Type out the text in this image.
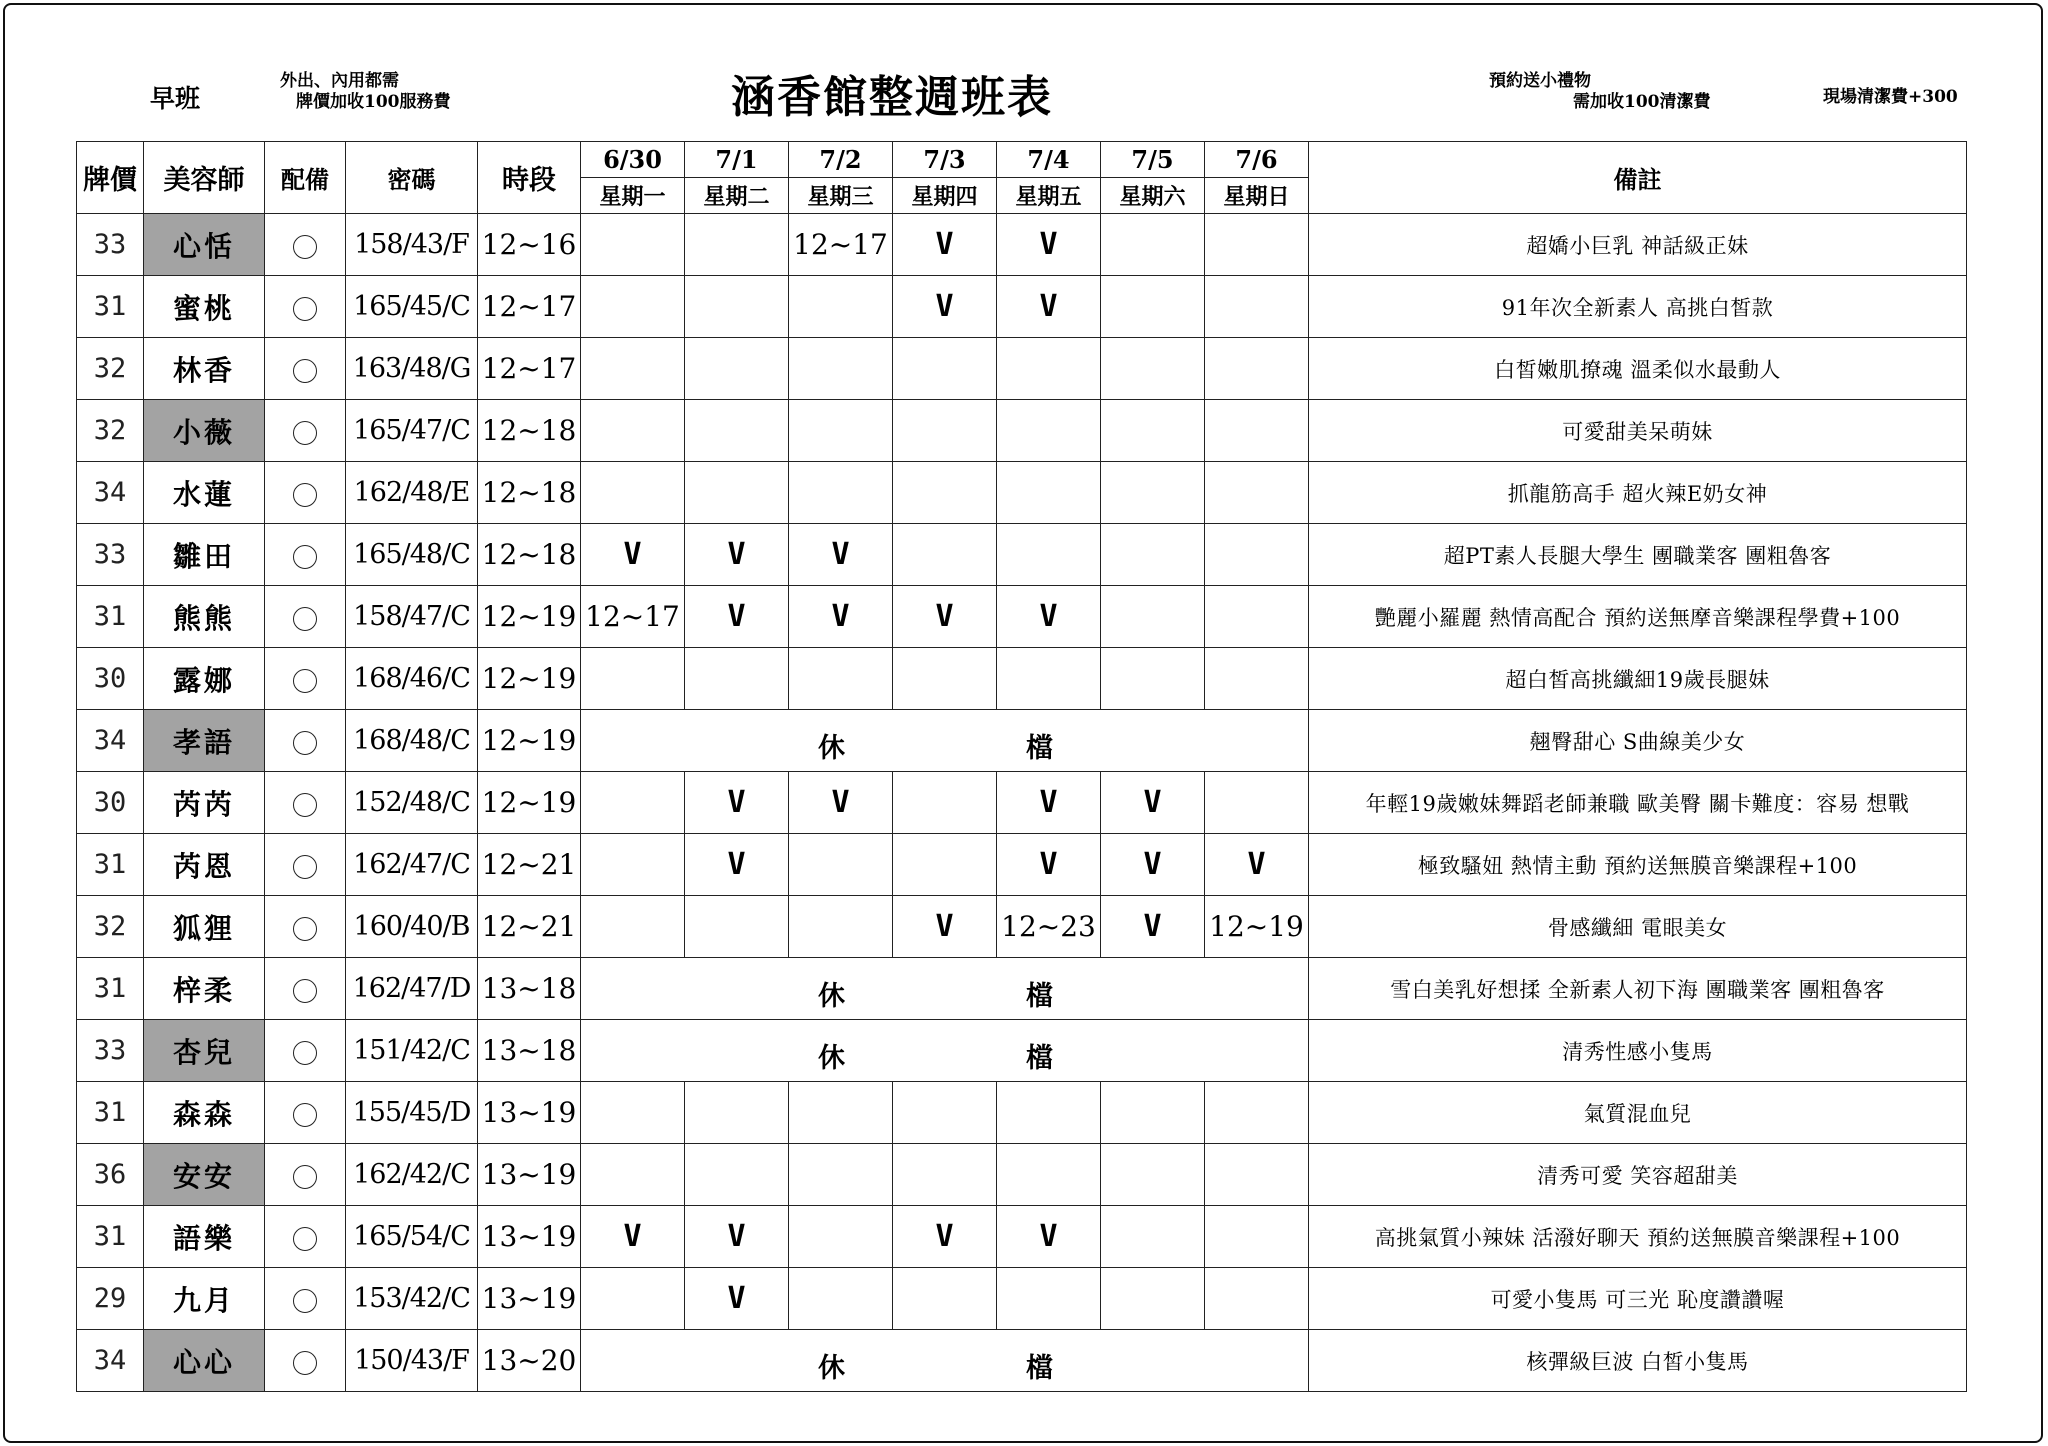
早班
外出、內用都需
牌價加收100服務費	涵香館整週班表	預約送小禮物
需加收100清潔費	現場清潔費+300
牌價	美容師	配備	密碼	時段	6/30	7/1	7/2	7/3	7/4	7/5	7/6	備註
					星期一	星期二	星期三	星期四	星期五	星期六	星期日	
33	心恬		158/43/F	12~16			12~17	V	V			超嬌小巨乳 神話級正妹
31	蜜桃		165/45/C	12~17				V	V			91年次全新素人 高挑白皙款
32	林香		163/48/G	12~17								白皙嫩肌撩魂 溫柔似水最動人
32	小薇		165/47/C	12~18								可愛甜美呆萌妹
34	水蓮		162/48/E	12~18								抓龍筋高手 超火辣E奶女神
33	雛田		165/48/C	12~18	V	V	V					超PT素人長腿大學生 團職業客 團粗魯客
31	熊熊		158/47/C	12~19	12~17	V	V	V	V			艷麗小羅麗 熱情高配合 預約送無摩音樂課程學費+100
30	露娜		168/46/C	12~19								超白皙高挑纖細19歲長腿妹
34	孝語		168/48/C	12~19	休 檔							翹臀甜心 S曲線美少女
30	芮芮		152/48/C	12~19		V	V		V	V		年輕19歲嫩妹舞蹈老師兼職 歐美臀 關卡難度：容易 想戰
31	芮恩		162/47/C	12~21		V			V	V	V	極致騷妞 熱情主動 預約送無膜音樂課程+100
32	狐狸		160/40/B	12~21				V	12~23	V	12~19	骨感纖細 電眼美女
31	梓柔		162/47/D	13~18	休 檔							雪白美乳好想揉 全新素人初下海 團職業客 團粗魯客
33	杏兒		151/42/C	13~18	休 檔							清秀性感小隻馬
31	森森		155/45/D	13~19								氣質混血兒
36	安安		162/42/C	13~19								清秀可愛 笑容超甜美
31	語樂		165/54/C	13~19	V	V		V	V			高挑氣質小辣妹 活潑好聊天 預約送無膜音樂課程+100
29	九月		153/42/C	13~19		V						可愛小隻馬 可三光 恥度讚讚喔
34	心心		150/43/F	13~20	休 檔							核彈級巨波 白皙小隻馬
